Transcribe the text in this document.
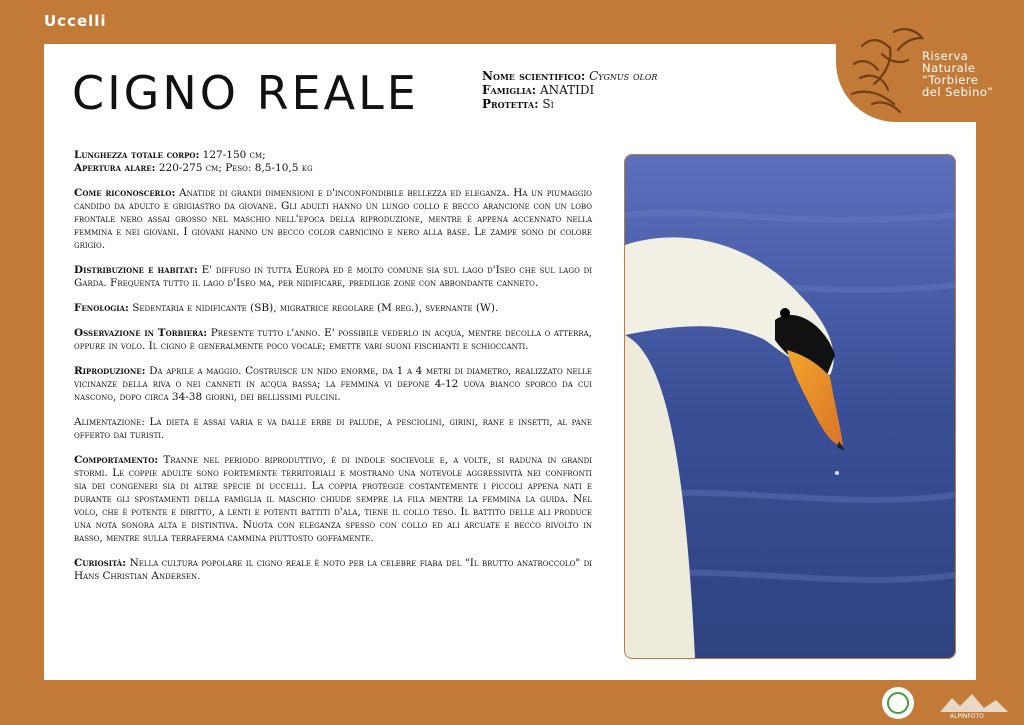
Uccelli
Riserva
Naturale
“Torbiere
del Sebino”
CIGNO REALE	Nome scientifico: Cygnus olor
Famiglia: ANATIDI
Protetta: Sì

Lunghezza totale corpo: 127-150 cm;
Apertura alare: 220-275 cm; Peso: 8,5-10,5 kg

Come riconoscerlo: Anatide di grandi dimensioni e d'inconfondibile bellezza ed eleganza. Ha un piumaggio candido da adulto e grigiastro da giovane. Gli adulti hanno un lungo collo e becco arancione con un lobo frontale nero assai grosso nel maschio nell'epoca della riproduzione, mentre è appena accennato nella femmina e nei giovani. I giovani hanno un becco color carnicino e nero alla base. Le zampe sono di colore grigio.

Distribuzione e habitat: E' diffuso in tutta Europa ed è molto comune sia sul lago d'Iseo che sul lago di Garda. Frequenta tutto il lago d'Iseo ma, per nidificare, predilige zone con abbondante canneto.

Fenologia: Sedentaria e nidificante (SB), migratrice regolare (M reg.), svernante (W).

Osservazione in Torbiera: Presente tutto l'anno. E' possibile vederlo in acqua, mentre decolla o atterra, oppure in volo. Il cigno è generalmente poco vocale; emette vari suoni fischianti e schioccanti.

Riproduzione: Da aprile a maggio. Costruisce un nido enorme, da 1 a 4 metri di diametro, realizzato nelle vicinanze della riva o nei canneti in acqua bassa; la femmina vi depone 4-12 uova bianco sporco da cui nascono, dopo circa 34-38 giorni, dei bellissimi pulcini.

Alimentazione: La dieta è assai varia e va dalle erbe di palude, a pesciolini, girini, rane e insetti, al pane offerto dai turisti.

Comportamento: Tranne nel periodo riproduttivo, è di indole socievole e, a volte, si raduna in grandi stormi. Le coppie adulte sono fortemente territoriali e mostrano una notevole aggressività nei confronti sia dei congeneri sia di altre specie di uccelli. La coppia protegge costantemente i piccoli appena nati e durante gli spostamenti della famiglia il maschio chiude sempre la fila mentre la femmina la guida. Nel volo, che è potente e diritto, a lenti e potenti battiti d'ala, tiene il collo teso. Il battito delle ali produce una nota sonora alta e distintiva. Nuota con eleganza spesso con collo ed ali arcuate e becco rivolto in basso, mentre sulla terraferma cammina piuttosto goffamente.

Curiosità: Nella cultura popolare il cigno reale è noto per la celebre fiaba del "Il brutto anatroccolo" di Hans Christian Andersen.

ALPINFOTO
